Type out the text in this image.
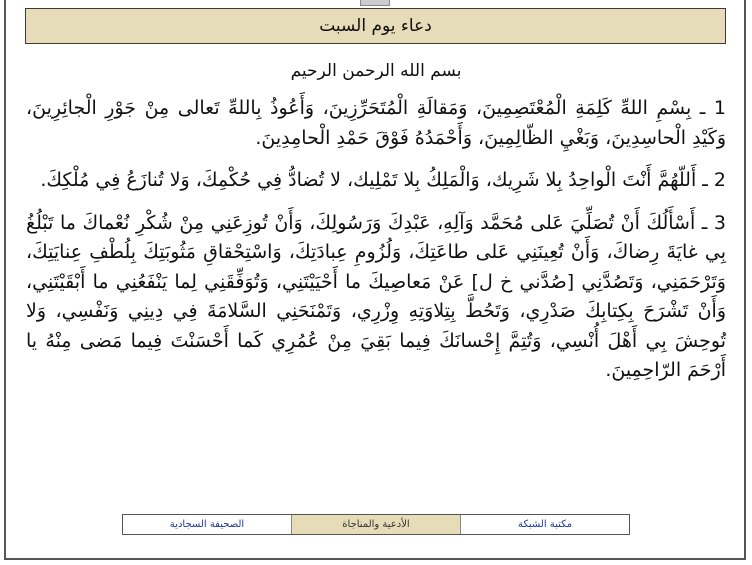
دعاء يوم السبت
بسم الله الرحمن الرحيم

1 ـ بِسْمِ اللهِّ كَلِمَةِ الْمُعْتَصِمِينَ، وَمَقالَةِ الْمُتَحَرِّزِينَ، وَأَعُوذُ بِاللهِّ تَعالى مِنْ جَوْرِ الْجائِرِينَ، وَكَيْدِ الْحاسِدِينَ، وَبَغْيِ الظّالِمِينَ، وَأَحْمَدُهُ فَوْقَ حَمْدِ الْحامِدِينَ.

2 ـ أَللّهُمَّ أَنْتَ الْواحِدُ بِلا شَرِيك، وَالْمَلِكُ بِلا تَمْلِيك، لا تُضادُّ فِي حُكْمِكَ، وَلا تُنازَعُ فِي مُلْكِكَ.

3 ـ أَسْأَلُكَ أَنْ تُصَلِّيَ عَلى مُحَمَّد وَآلِهِ، عَبْدِكَ وَرَسُولِكَ، وَأَنْ تُوزِعَنِي مِنْ شُكْرِ نُعْماكَ ما تَبْلُغُ بِي غايَةَ رِضاكَ، وَأَنْ تُعِينَنِي عَلى طاعَتِكَ، وَلُزُومِ عِبادَتِكَ، وَاسْتِحْقاقِ مَثُوبَتِكَ بِلُطْفِ عِنايَتِكَ، وَتَرْحَمَنِي، وَتَصُدَّنِي [صُدَّني خ ل] عَنْ مَعاصِيكَ ما أَحْيَيْتَنِي، وَتُوَفِّقَنِي لِما يَنْفَعُنِي ما أَبْقَيْتَنِي، وَأَنْ تَشْرَحَ بِكِتابِكَ صَدْرِي، وَتَحُطَّ بِتِلاوَتِهِ وِزْرِي، وَتَمْنَحَنِي السَّلامَةَ فِي دِينِي وَنَفْسِي، وَلا تُوحِشَ بِي أَهْلَ أُنْسِي، وَتُتِمَّ إِحْسانَكَ فِيما بَقِيَ مِنْ عُمُرِي كَما أَحْسَنْتَ فِيما مَضى مِنْهُ يا أَرْحَمَ الرّاحِمِينَ.

مكتبة الشبكة
الأدعية والمناجاة
الصحيفة السجادية
